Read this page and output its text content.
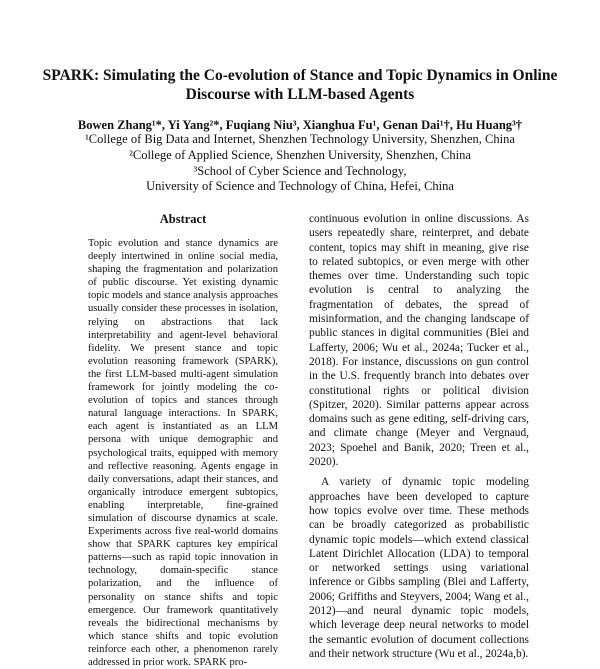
SPARK: Simulating the Co-evolution of Stance and Topic Dynamics in Online Discourse with LLM-based Agents
Bowen Zhang¹*, Yi Yang²*, Fuqiang Niu³, Xianghua Fu¹, Genan Dai¹†, Hu Huang³†
¹College of Big Data and Internet, Shenzhen Technology University, Shenzhen, China
²College of Applied Science, Shenzhen University, Shenzhen, China
³School of Cyber Science and Technology,
University of Science and Technology of China, Hefei, China
Abstract
Topic evolution and stance dynamics are deeply intertwined in online social media, shaping the fragmentation and polarization of public discourse. Yet existing dynamic topic models and stance analysis approaches usually consider these processes in isolation, relying on abstractions that lack interpretability and agent-level behavioral fidelity. We present stance and topic evolution reasoning framework (SPARK), the first LLM-based multi-agent simulation framework for jointly modeling the co-evolution of topics and stances through natural language interactions. In SPARK, each agent is instantiated as an LLM persona with unique demographic and psychological traits, equipped with memory and reflective reasoning. Agents engage in daily conversations, adapt their stances, and organically introduce emergent subtopics, enabling interpretable, fine-grained simulation of discourse dynamics at scale. Experiments across five real-world domains show that SPARK captures key empirical patterns—such as rapid topic innovation in technology, domain-specific stance polarization, and the influence of personality on stance shifts and topic emergence. Our framework quantitatively reveals the bidirectional mechanisms by which stance shifts and topic evolution reinforce each other, a phenomenon rarely addressed in prior work. SPARK pro-

continuous evolution in online discussions. As users repeatedly share, reinterpret, and debate content, topics may shift in meaning, give rise to related subtopics, or even merge with other themes over time. Understanding such topic evolution is central to analyzing the fragmentation of debates, the spread of misinformation, and the changing landscape of public stances in digital communities (Blei and Lafferty, 2006; Wu et al., 2024a; Tucker et al., 2018). For instance, discussions on gun control in the U.S. frequently branch into debates over constitutional rights or political division (Spitzer, 2020). Similar patterns appear across domains such as gene editing, self-driving cars, and climate change (Meyer and Vergnaud, 2023; Spoehel and Banik, 2020; Treen et al., 2020).

A variety of dynamic topic modeling approaches have been developed to capture how topics evolve over time. These methods can be broadly categorized as probabilistic dynamic topic models—which extend classical Latent Dirichlet Allocation (LDA) to temporal or networked settings using variational inference or Gibbs sampling (Blei and Lafferty, 2006; Griffiths and Steyvers, 2004; Wang et al., 2012)—and neural dynamic topic models, which leverage deep neural networks to model the semantic evolution of document collections and their network structure (Wu et al., 2024a,b).
